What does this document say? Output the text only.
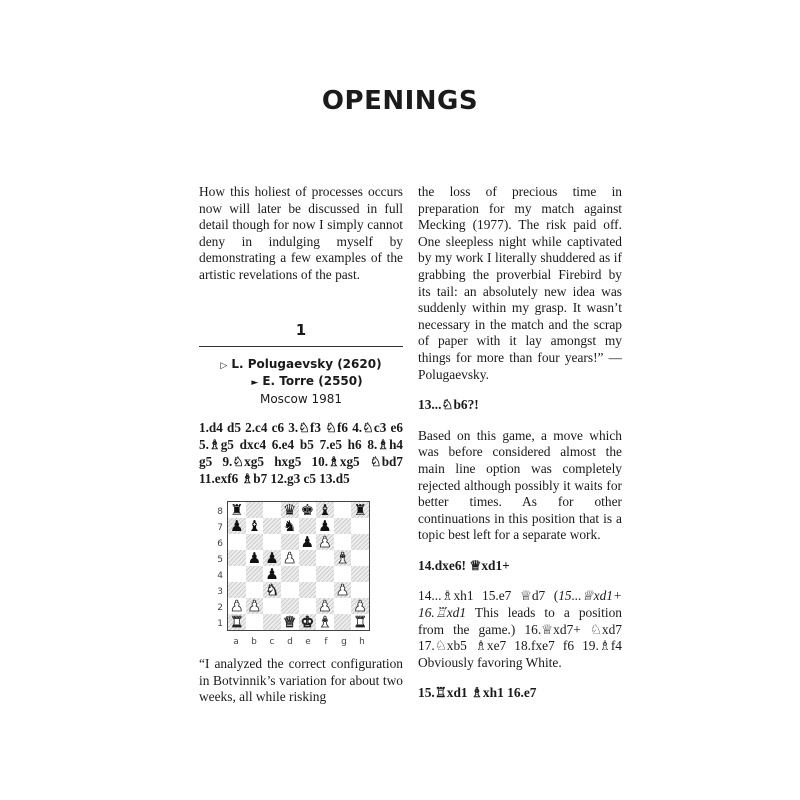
OPENINGS

How this holiest of processes occurs now will later be discussed in full detail though for now I simply cannot deny in indulging myself by demonstrating a few examples of the artistic revelations of the past.

1
▷ L. Polugaevsky (2620)
► E. Torre (2550)
Moscow 1981

1.d4 d5 2.c4 c6 3.♘f3 ♘f6 4.♘c3 e6 5.♗g5 dxc4 6.e4 b5 7.e5 h6 8.♗h4 g5 9.♘xg5 hxg5 10.♗xg5 ♘bd7 11.exf6 ♗b7 12.g3 c5 13.d5

8
7
6
5
4
3
2
1
♜	♛ ♚ ♝ ♜
♟ ♝ ♞ ♟
♟ ♟
♟ ♟ ♟	♝
♟
♞	♟
♟ ♟	♟ ♟
♜	♛ ♚ ♝ ♜
a	b	c	d	e	f	g	h

“I analyzed the correct configuration in Botvinnik’s variation for about two weeks, all while risking

the loss of precious time in preparation for my match against Mecking (1977). The risk paid off. One sleepless night while captivated by my work I literally shuddered as if grabbing the proverbial Firebird by its tail: an absolutely new idea was suddenly within my grasp. It wasn’t necessary in the match and the scrap of paper with it lay amongst my things for more than four years!” — Polugaevsky.

13...♘b6?!

Based on this game, a move which was before considered almost the main line option was completely rejected although possibly it waits for better times. As for other continuations in this position that is a topic best left for a separate work.

14.dxe6! ♕xd1+

14...♗xh1 15.e7 ♕d7 (15...♕xd1+ 16.♖xd1 This leads to a position from the game.) 16.♕xd7+ ♘xd7 17.♘xb5 ♗xe7 18.fxe7 f6 19.♗f4 Obviously favoring White.

15.♖xd1 ♗xh1 16.e7
